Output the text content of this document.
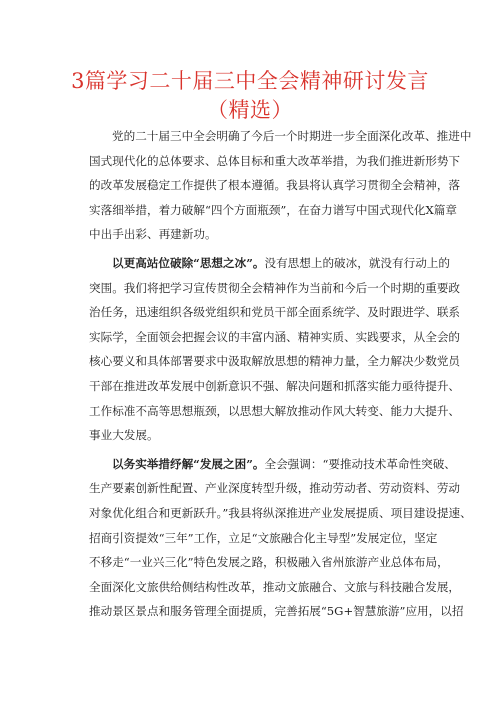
3篇学习二十届三中全会精神研讨发言
（精选）
党的二十届三中全会明确了今后一个时期进一步全面深化改革、推进中
国式现代化的总体要求、总体目标和重大改革举措，为我们推进新形势下
的改革发展稳定工作提供了根本遵循。我县将认真学习贯彻全会精神，落
实落细举措，着力破解“四个方面瓶颈”，在奋力谱写中国式现代化X篇章
中出手出彩、再建新功。
以更高站位破除“思想之冰”。没有思想上的破冰，就没有行动上的
突围。我们将把学习宣传贯彻全会精神作为当前和今后一个时期的重要政
治任务，迅速组织各级党组织和党员干部全面系统学、及时跟进学、联系
实际学，全面领会把握会议的丰富内涵、精神实质、实践要求，从全会的
核心要义和具体部署要求中汲取解放思想的精神力量，全力解决少数党员
干部在推进改革发展中创新意识不强、解决问题和抓落实能力亟待提升、
工作标准不高等思想瓶颈，以思想大解放推动作风大转变、能力大提升、
事业大发展。
以务实举措纾解“发展之困”。全会强调：“要推动技术革命性突破、
生产要素创新性配置、产业深度转型升级，推动劳动者、劳动资料、劳动
对象优化组合和更新跃升。”我县将纵深推进产业发展提质、项目建设提速、
招商引资提效“三年”工作，立足“文旅融合化主导型”发展定位，坚定
不移走“一业兴三化”特色发展之路，积极融入省州旅游产业总体布局，
全面深化文旅供给侧结构性改革，推动文旅融合、文旅与科技融合发展，
推动景区景点和服务管理全面提质，完善拓展“5G+智慧旅游”应用，以招
